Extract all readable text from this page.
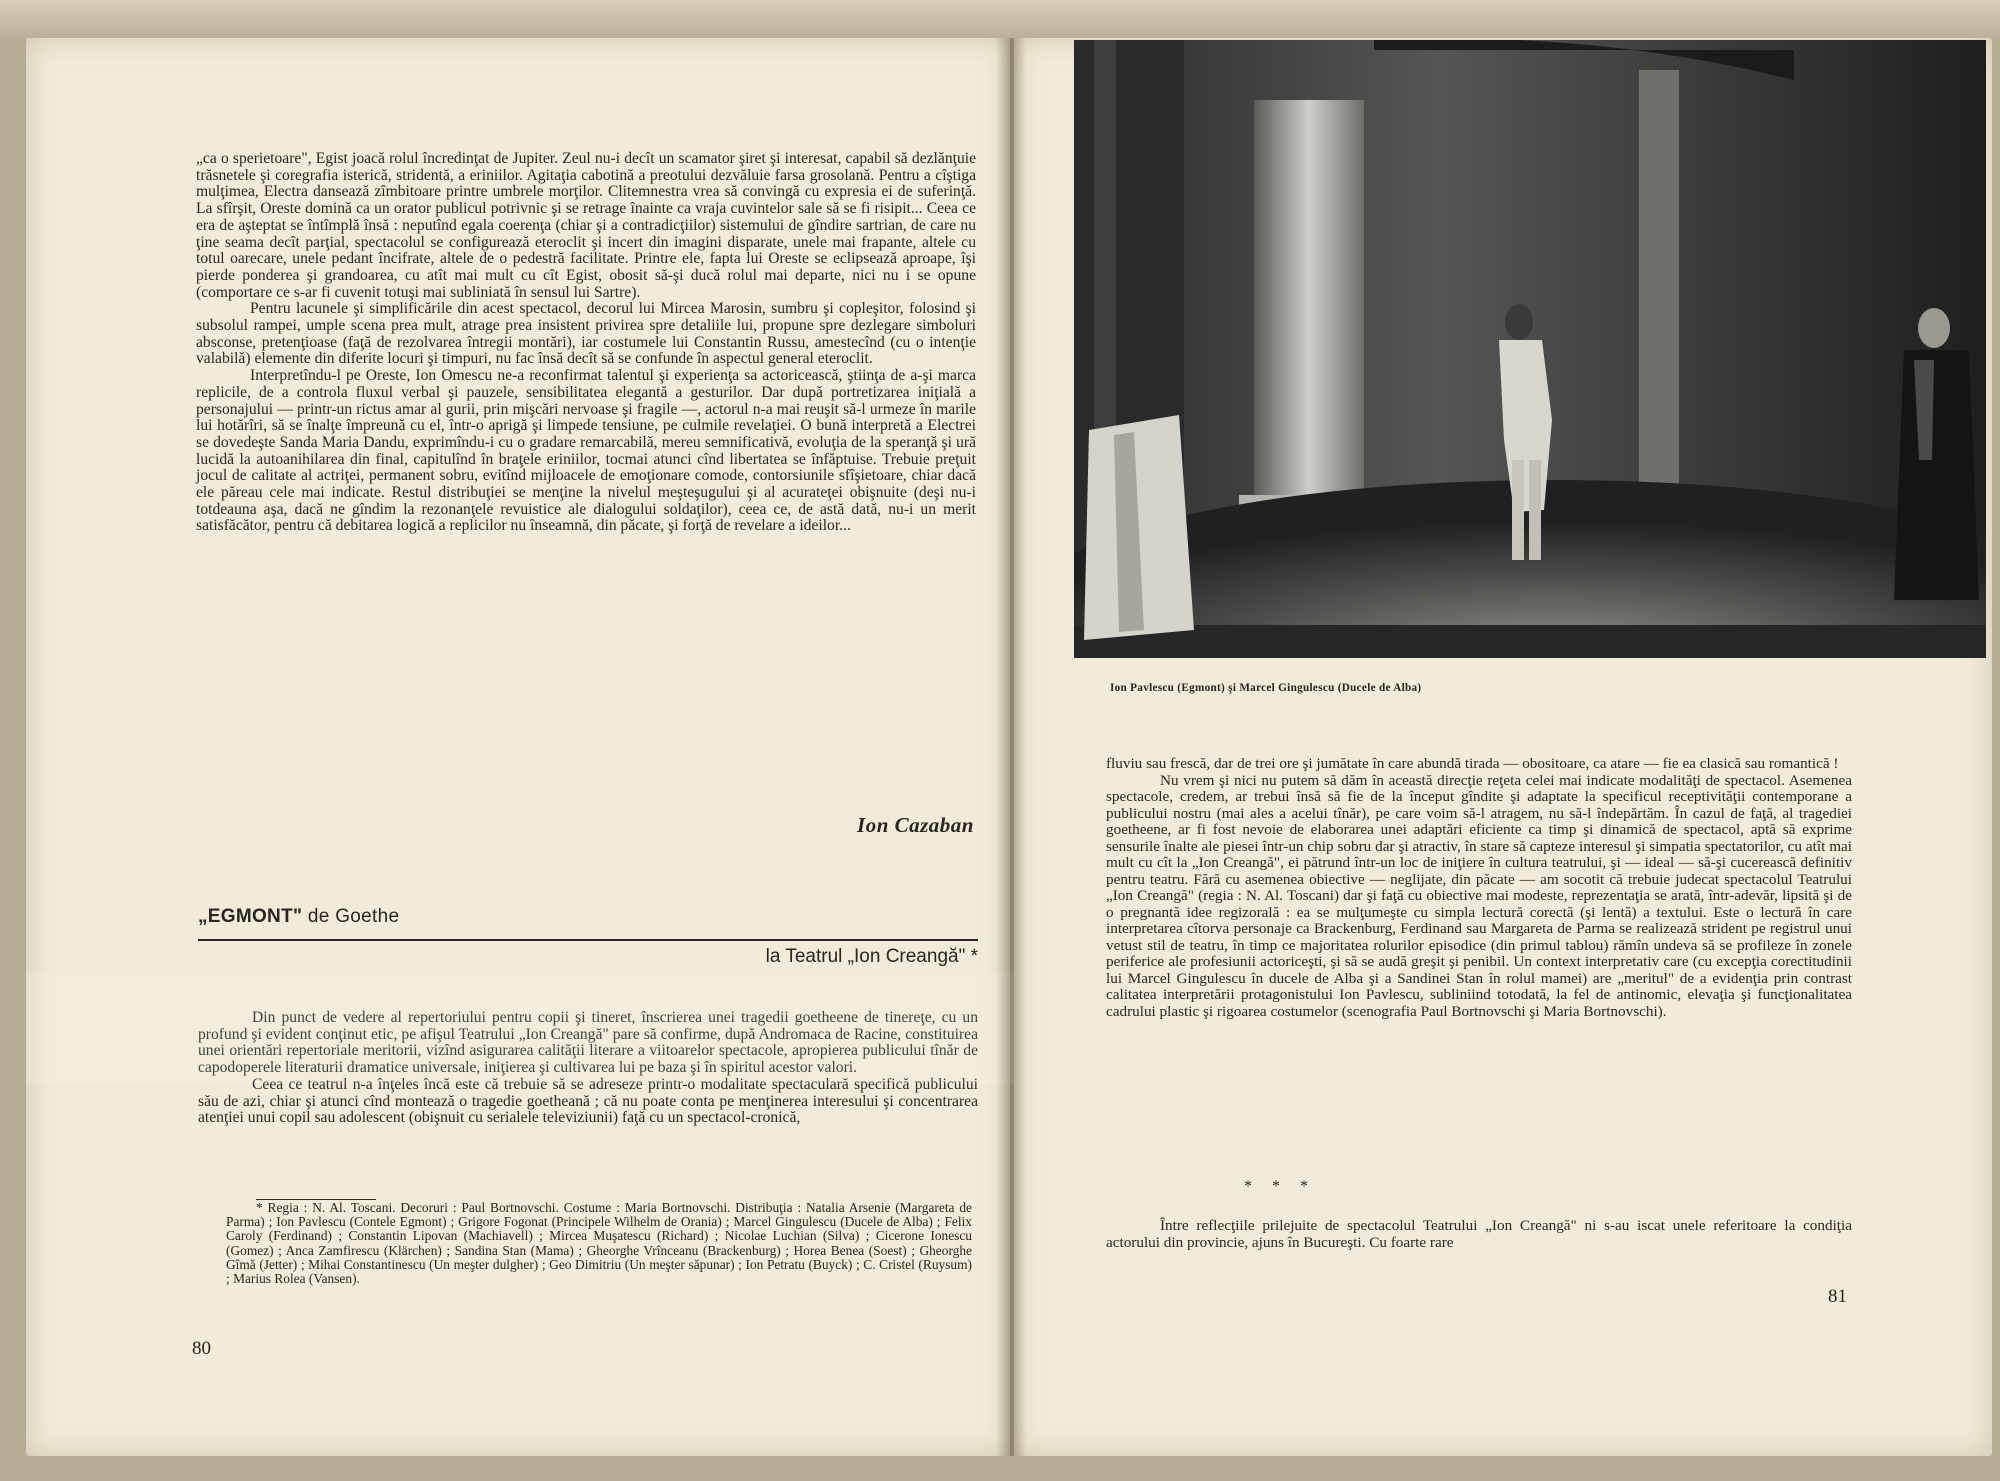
„ca o sperietoare", Egist joacă rolul încredinţat de Jupiter. Zeul nu-i decît un scamator şiret şi interesat, capabil să dezlănţuie trăsnetele şi coregrafia isterică, stridentă, a eriniilor. Agitaţia cabotină a preotului dezvăluie farsa grosolană. Pentru a cîştiga mulţimea, Electra dansează zîmbitoare printre umbrele morţilor. Clitemnestra vrea să convingă cu expresia ei de suferinţă. La sfîrşit, Oreste domină ca un orator publicul potrivnic şi se retrage înainte ca vraja cuvintelor sale să se fi risipit... Ceea ce era de aşteptat se întîmplă însă : neputînd egala coerenţa (chiar şi a contradicţiilor) sistemului de gîndire sartrian, de care nu ţine seama decît parţial, spectacolul se configurează eteroclit şi incert din imagini disparate, unele mai frapante, altele cu totul oarecare, unele pedant încifrate, altele de o pedestră facilitate. Printre ele, fapta lui Oreste se eclipsează aproape, îşi pierde ponderea şi grandoarea, cu atît mai mult cu cît Egist, obosit să-şi ducă rolul mai departe, nici nu i se opune (comportare ce s-ar fi cuvenit totuşi mai subliniată în sensul lui Sartre).

Pentru lacunele şi simplificările din acest spectacol, decorul lui Mircea Marosin, sumbru şi copleşitor, folosind şi subsolul rampei, umple scena prea mult, atrage prea insistent privirea spre detaliile lui, propune spre dezlegare simboluri absconse, pretenţioase (faţă de rezolvarea întregii montări), iar costumele lui Constantin Russu, amestecînd (cu o intenţie valabilă) elemente din diferite locuri şi timpuri, nu fac însă decît să se confunde în aspectul general eteroclit.

Interpretîndu-l pe Oreste, Ion Omescu ne-a reconfirmat talentul şi experienţa sa actoricească, ştiinţa de a-şi marca replicile, de a controla fluxul verbal şi pauzele, sensibilitatea elegantă a gesturilor. Dar după portretizarea iniţială a personajului — printr-un rictus amar al gurii, prin mişcări nervoase şi fragile —, actorul n-a mai reuşit să-l urmeze în marile lui hotărîri, să se înalţe împreună cu el, într-o aprigă şi limpede tensiune, pe culmile revelaţiei. O bună interpretă a Electrei se dovedeşte Sanda Maria Dandu, exprimîndu-i cu o gradare remarcabilă, mereu semnificativă, evoluţia de la speranţă şi ură lucidă la autoanihilarea din final, capitulînd în braţele eriniilor, tocmai atunci cînd libertatea se înfăptuise. Trebuie preţuit jocul de calitate al actriţei, permanent sobru, evitînd mijloacele de emoţionare comode, contorsiunile sfîşietoare, chiar dacă ele păreau cele mai indicate. Restul distribuţiei se menţine la nivelul meşteşugului şi al acurateţei obişnuite (deşi nu-i totdeauna aşa, dacă ne gîndim la rezonanţele revuistice ale dialogului soldaţilor), ceea ce, de astă dată, nu-i un merit satisfăcător, pentru că debitarea logică a replicilor nu înseamnă, din păcate, şi forţă de revelare a ideilor...

Ion Cazaban
„EGMONT" de Goethe
la Teatrul „Ion Creangă" *

Din punct de vedere al repertoriului pentru copii şi tineret, înscrierea unei tragedii goetheene de tinereţe, cu un profund şi evident conţinut etic, pe afişul Teatrului „Ion Creangă" pare să confirme, după Andromaca de Racine, constituirea unei orientări repertoriale meritorii, vizînd asigurarea calităţii literare a viitoarelor spectacole, apropierea publicului tînăr de capodoperele literaturii dramatice universale, iniţierea şi cultivarea lui pe baza şi în spiritul acestor valori.

Ceea ce teatrul n-a înţeles încă este că trebuie să se adreseze printr-o modalitate spectaculară specifică publicului său de azi, chiar şi atunci cînd montează o tragedie goetheană ; că nu poate conta pe menţinerea interesului şi concentrarea atenţiei unui copil sau adolescent (obişnuit cu serialele televiziunii) faţă cu un spectacol-cronică,

* Regia : N. Al. Toscani. Decoruri : Paul Bortnovschi. Costume : Maria Bortnovschi. Distribuţia : Natalia Arsenie (Margareta de Parma) ; Ion Pavlescu (Contele Egmont) ; Grigore Fogonat (Principele Wilhelm de Orania) ; Marcel Gingulescu (Ducele de Alba) ; Felix Caroly (Ferdinand) ; Constantin Lipovan (Machiavell) ; Mircea Muşatescu (Richard) ; Nicolae Luchian (Silva) ; Cicerone Ionescu (Gomez) ; Anca Zamfirescu (Klärchen) ; Sandina Stan (Mama) ; Gheorghe Vrînceanu (Brackenburg) ; Horea Benea (Soest) ; Gheorghe Gîmă (Jetter) ; Mihai Constantinescu (Un meşter dulgher) ; Geo Dimitriu (Un meşter săpunar) ; Ion Petratu (Buyck) ; C. Cristel (Ruysum) ; Marius Rolea (Vansen).

80
Ion Pavlescu (Egmont) şi Marcel Gingulescu (Ducele de Alba)

fluviu sau frescă, dar de trei ore şi jumătate în care abundă tirada — obositoare, ca atare — fie ea clasică sau romantică !

Nu vrem şi nici nu putem să dăm în această direcţie reţeta celei mai indicate modalităţi de spectacol. Asemenea spectacole, credem, ar trebui însă să fie de la început gîndite şi adaptate la specificul receptivităţii contemporane a publicului nostru (mai ales a acelui tînăr), pe care voim să-l atragem, nu să-l îndepărtăm. În cazul de faţă, al tragediei goetheene, ar fi fost nevoie de elaborarea unei adaptări eficiente ca timp şi dinamică de spectacol, aptă să exprime sensurile înalte ale piesei într-un chip sobru dar şi atractiv, în stare să capteze interesul şi simpatia spectatorilor, cu atît mai mult cu cît la „Ion Creangă", ei pătrund într-un loc de iniţiere în cultura teatrului, şi — ideal — să-şi cucerească definitiv pentru teatru. Fără cu asemenea obiective — neglijate, din păcate — am socotit că trebuie judecat spectacolul Teatrului „Ion Creangă" (regia : N. Al. Toscani) dar şi faţă cu obiective mai modeste, reprezentaţia se arată, într-adevăr, lipsită şi de o pregnantă idee regizorală : ea se mulţumeşte cu simpla lectură corectă (şi lentă) a textului. Este o lectură în care interpretarea cîtorva personaje ca Brackenburg, Ferdinand sau Margareta de Parma se realizează strident pe registrul unui vetust stil de teatru, în timp ce majoritatea rolurilor episodice (din primul tablou) rămîn undeva să se profileze în zonele periferice ale profesiunii actoriceşti, şi să se audă greşit şi penibil. Un context interpretativ care (cu excepţia corectitudinii lui Marcel Gingulescu în ducele de Alba şi a Sandinei Stan în rolul mamei) are „meritul" de a evidenţia prin contrast calitatea interpretării protagonistului Ion Pavlescu, subliniind totodată, la fel de antinomic, elevaţia şi funcţionalitatea cadrului plastic şi rigoarea costumelor (scenografia Paul Bortnovschi şi Maria Bortnovschi).

* * *

Între reflecţiile prilejuite de spectacolul Teatrului „Ion Creangă" ni s-au iscat unele referitoare la condiţia actorului din provincie, ajuns în Bucureşti. Cu foarte rare

81
